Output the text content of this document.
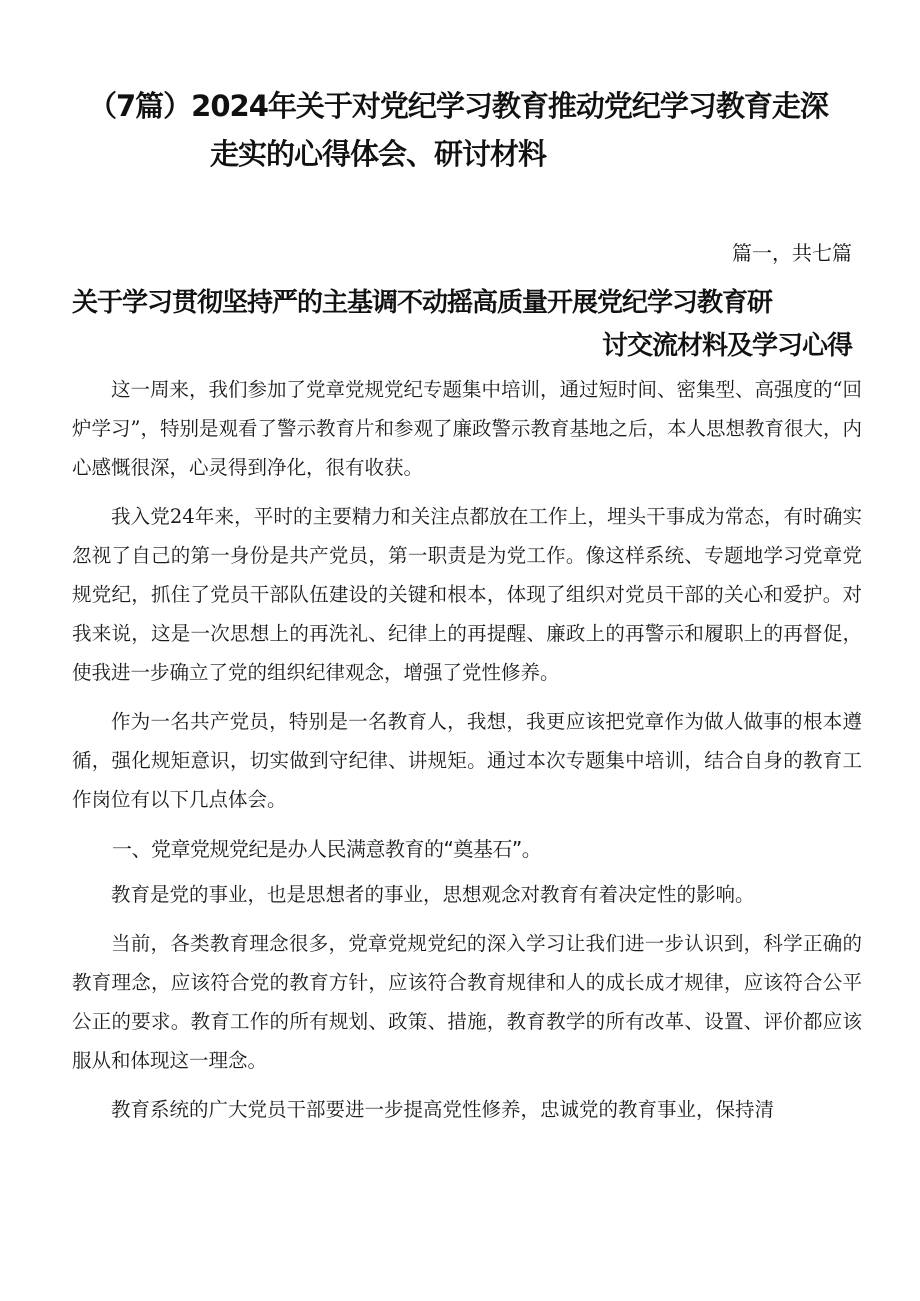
（7篇）2024年关于对党纪学习教育推动党纪学习教育走深
走实的心得体会、研讨材料
篇一，共七篇
关于学习贯彻坚持严的主基调不动摇高质量开展党纪学习教育研
讨交流材料及学习心得

这一周来，我们参加了党章党规党纪专题集中培训，通过短时间、密集型、高强度的“回炉学习”，特别是观看了警示教育片和参观了廉政警示教育基地之后，本人思想教育很大，内心感慨很深，心灵得到净化，很有收获。

我入党24年来，平时的主要精力和关注点都放在工作上，埋头干事成为常态，有时确实忽视了自己的第一身份是共产党员，第一职责是为党工作。像这样系统、专题地学习党章党规党纪，抓住了党员干部队伍建设的关键和根本，体现了组织对党员干部的关心和爱护。对我来说，这是一次思想上的再洗礼、纪律上的再提醒、廉政上的再警示和履职上的再督促，使我进一步确立了党的组织纪律观念，增强了党性修养。

作为一名共产党员，特别是一名教育人，我想，我更应该把党章作为做人做事的根本遵循，强化规矩意识，切实做到守纪律、讲规矩。通过本次专题集中培训，结合自身的教育工作岗位有以下几点体会。

一、党章党规党纪是办人民满意教育的“奠基石”。

教育是党的事业，也是思想者的事业，思想观念对教育有着决定性的影响。

当前，各类教育理念很多，党章党规党纪的深入学习让我们进一步认识到，科学正确的教育理念，应该符合党的教育方针，应该符合教育规律和人的成长成才规律，应该符合公平公正的要求。教育工作的所有规划、政策、措施，教育教学的所有改革、设置、评价都应该服从和体现这一理念。

教育系统的广大党员干部要进一步提高党性修养，忠诚党的教育事业，保持清
